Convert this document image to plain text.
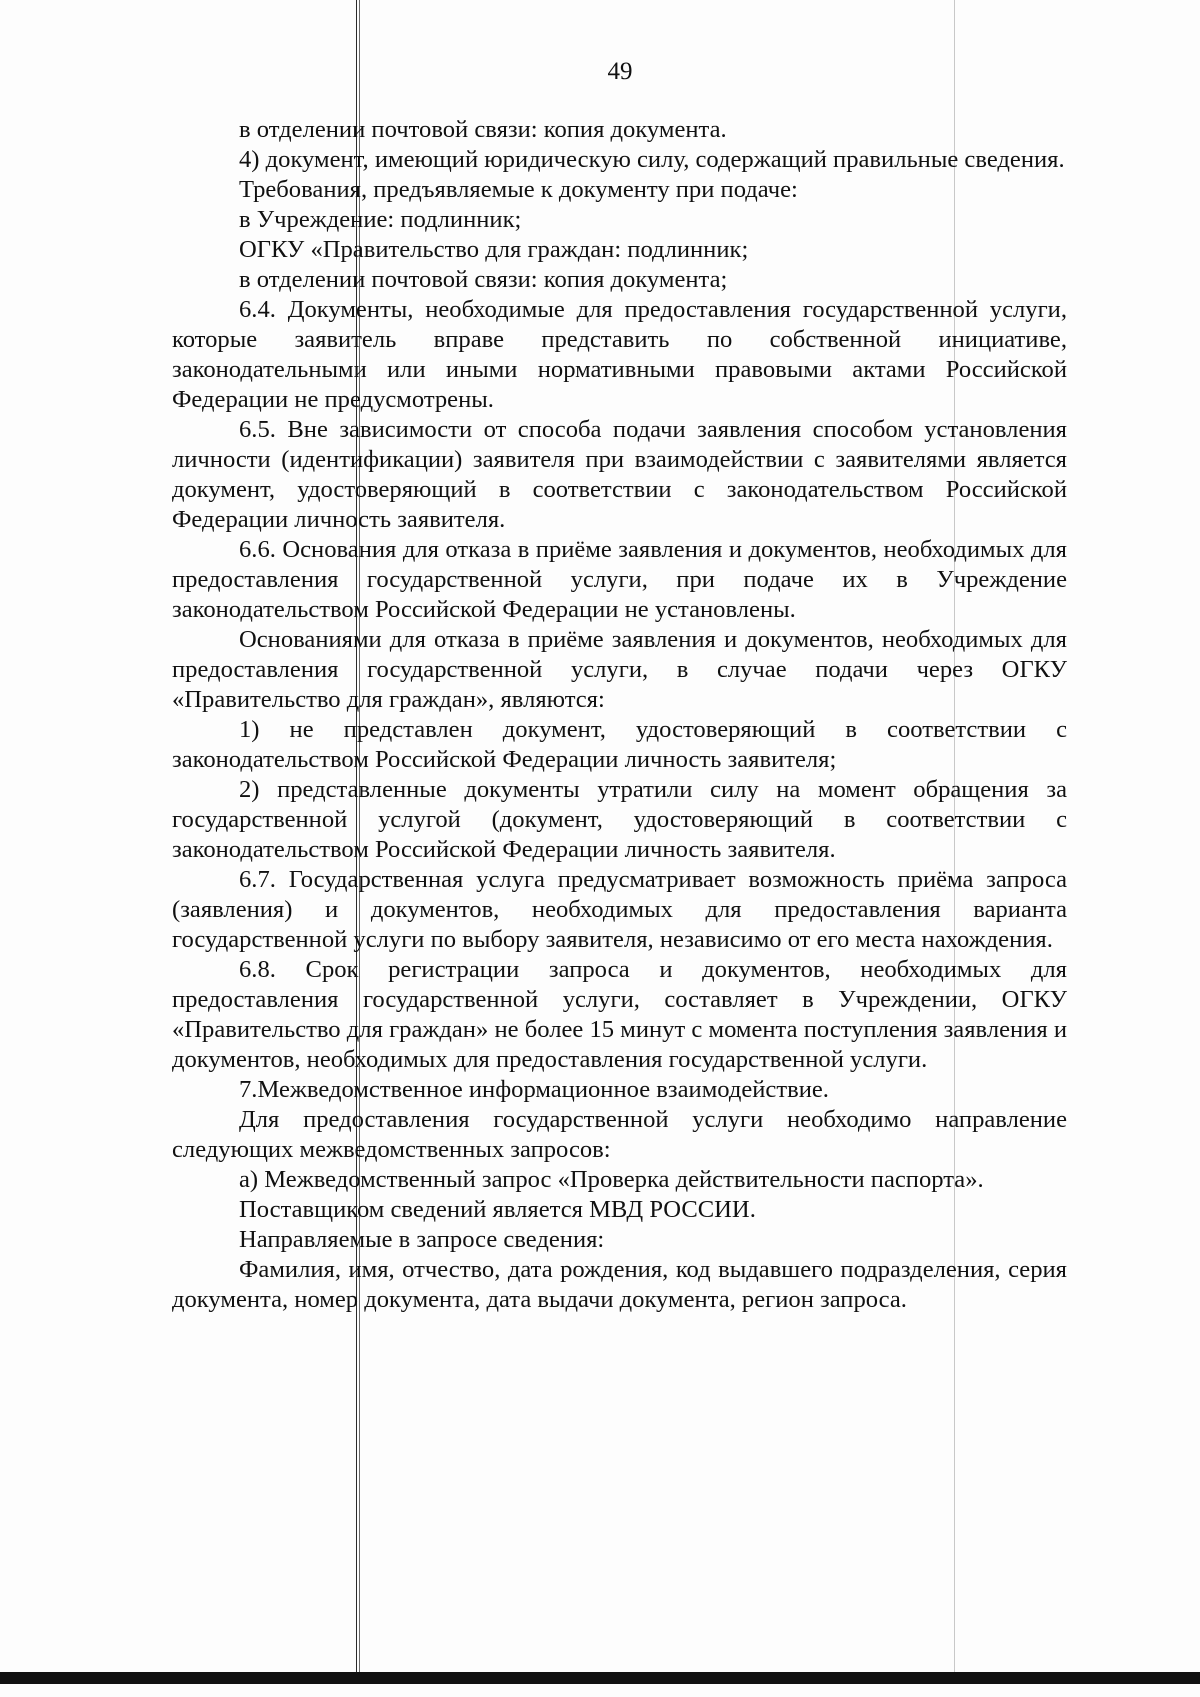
49

в отделении почтовой связи: копия документа.

4) документ, имеющий юридическую силу, содержащий правильные сведения.

Требования, предъявляемые к документу при подаче:

в Учреждение: подлинник;

ОГКУ «Правительство для граждан: подлинник;

в отделении почтовой связи: копия документа;

6.4. Документы, необходимые для предоставления государственной услуги, которые заявитель вправе представить по собственной инициативе, законодательными или иными нормативными правовыми актами Российской Федерации не предусмотрены.

6.5. Вне зависимости от способа подачи заявления способом установления личности (идентификации) заявителя при взаимодействии с заявителями является документ, удостоверяющий в соответствии с законодательством Российской Федерации личность заявителя.

6.6. Основания для отказа в приёме заявления и документов, необходимых для предоставления государственной услуги, при подаче их в Учреждение законодательством Российской Федерации не установлены.

Основаниями для отказа в приёме заявления и документов, необходимых для предоставления государственной услуги, в случае подачи через ОГКУ «Правительство для граждан», являются:

1) не представлен документ, удостоверяющий в соответствии с законодательством Российской Федерации личность заявителя;

2) представленные документы утратили силу на момент обращения за государственной услугой (документ, удостоверяющий в соответствии с законодательством Российской Федерации личность заявителя.

6.7. Государственная услуга предусматривает возможность приёма запроса (заявления) и документов, необходимых для предоставления варианта государственной услуги по выбору заявителя, независимо от его места нахождения.

6.8. Срок регистрации запроса и документов, необходимых для предоставления государственной услуги, составляет в Учреждении, ОГКУ «Правительство для граждан» не более 15 минут с момента поступления заявления и документов, необходимых для предоставления государственной услуги.

7.Межведомственное информационное взаимодействие.

Для предоставления государственной услуги необходимо направление следующих межведомственных запросов:

а) Межведомственный запрос «Проверка действительности паспорта».

Поставщиком сведений является МВД РОССИИ.

Направляемые в запросе сведения:

Фамилия, имя, отчество, дата рождения, код выдавшего подразделения, серия документа, номер документа, дата выдачи документа, регион запроса.
